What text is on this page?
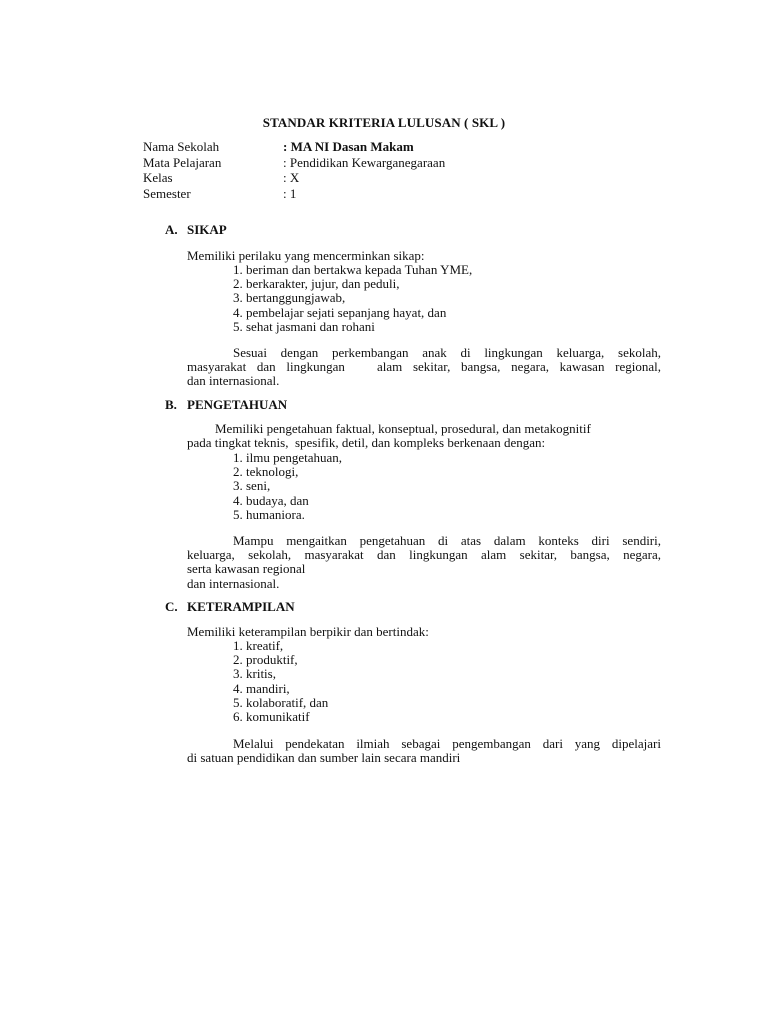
STANDAR KRITERIA LULUSAN ( SKL )
Nama Sekolah	: MA NI Dasan Makam
Mata Pelajaran	: Pendidikan Kewarganegaraan
Kelas	: X
Semester	: 1
A. SIKAP
Memiliki perilaku yang mencerminkan sikap:
1. beriman dan bertakwa kepada Tuhan YME,
2. berkarakter, jujur, dan peduli,
3. bertanggungjawab,
4. pembelajar sejati sepanjang hayat, dan
5. sehat jasmani dan rohani
Sesuai dengan perkembangan anak di lingkungan keluarga, sekolah,
masyarakat dan lingkungan   alam sekitar, bangsa, negara, kawasan regional,
dan internasional.
B. PENGETAHUAN
Memiliki pengetahuan faktual, konseptual, prosedural, dan metakognitif
pada tingkat teknis,  spesifik, detil, dan kompleks berkenaan dengan:
1. ilmu pengetahuan,
2. teknologi,
3. seni,
4. budaya, dan
5. humaniora.
Mampu mengaitkan pengetahuan di atas dalam konteks diri sendiri,
keluarga, sekolah, masyarakat dan lingkungan alam sekitar, bangsa, negara,
serta kawasan regional
dan internasional.
C. KETERAMPILAN
Memiliki keterampilan berpikir dan bertindak:
1. kreatif,
2. produktif,
3. kritis,
4. mandiri,
5. kolaboratif, dan
6. komunikatif
Melalui pendekatan ilmiah sebagai pengembangan dari yang dipelajari
di satuan pendidikan dan sumber lain secara mandiri
